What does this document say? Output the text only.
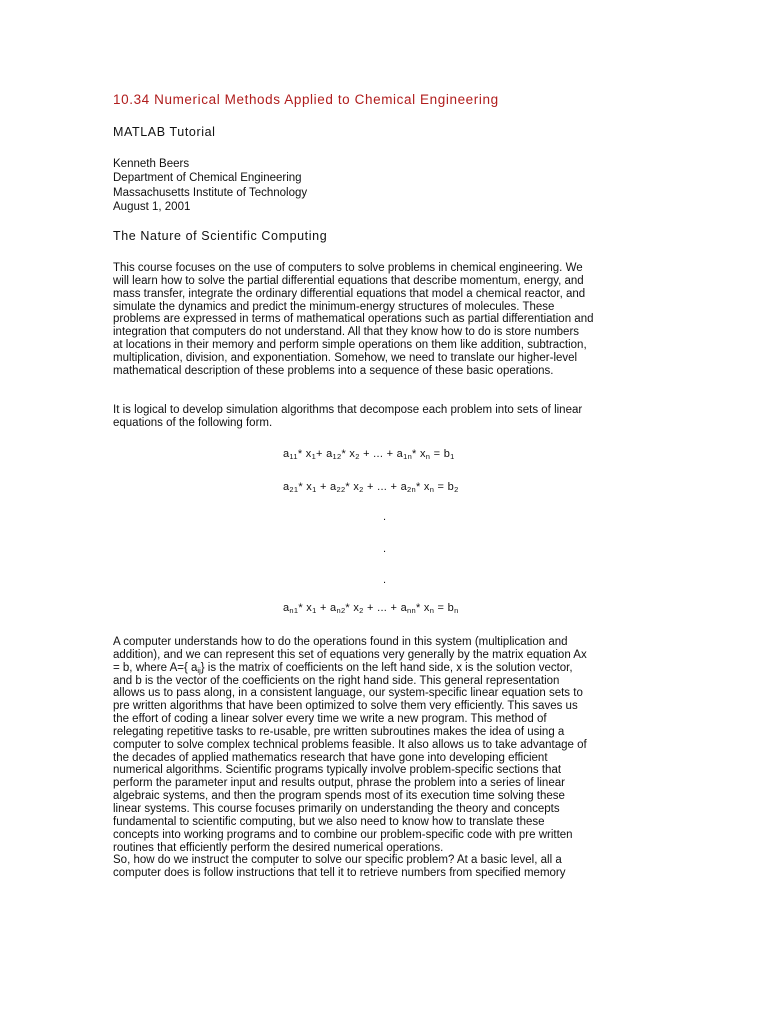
10.34 Numerical Methods Applied to Chemical Engineering
MATLAB Tutorial
Kenneth Beers
Department of Chemical Engineering
Massachusetts Institute of Technology
August 1, 2001
The Nature of Scientific Computing
This course focuses on the use of computers to solve problems in chemical engineering. We
will learn how to solve the partial differential equations that describe momentum, energy, and
mass transfer, integrate the ordinary differential equations that model a chemical reactor, and
simulate the dynamics and predict the minimum-energy structures of molecules. These
problems are expressed in terms of mathematical operations such as partial differentiation and
integration that computers do not understand. All that they know how to do is store numbers
at locations in their memory and perform simple operations on them like addition, subtraction,
multiplication, division, and exponentiation. Somehow, we need to translate our higher-level
mathematical description of these problems into a sequence of these basic operations.
It is logical to develop simulation algorithms that decompose each problem into sets of linear
equations of the following form.
$a_{11}*$ $x_1+ a_{12}*$ $x_2$ + ... + $a_{1n}*$ $x_n = b_1$
$a_{21}*$ $x_1 + a_{22}*$ $x_2$ + ... + $a_{2n}*$ $x_n = b_2$
.
.
.
$a_{n1}*$ $x_1 + a_{n2}*$ $x_2$ + ... + $a_{nn}*$ $x_n = b_n$
A computer understands how to do the operations found in this system (multiplication and
addition), and we can represent this set of equations very generally by the matrix equation Ax
= b, where A={ $a_{ij}$} is the matrix of coefficients on the left hand side, x is the solution vector,
and b is the vector of the coefficients on the right hand side. This general representation
allows us to pass along, in a consistent language, our system-specific linear equation sets to
pre written algorithms that have been optimized to solve them very efficiently. This saves us
the effort of coding a linear solver every time we write a new program. This method of
relegating repetitive tasks to re-usable, pre written subroutines makes the idea of using a
computer to solve complex technical problems feasible. It also allows us to take advantage of
the decades of applied mathematics research that have gone into developing efficient
numerical algorithms. Scientific programs typically involve problem-specific sections that
perform the parameter input and results output, phrase the problem into a series of linear
algebraic systems, and then the program spends most of its execution time solving these
linear systems. This course focuses primarily on understanding the theory and concepts
fundamental to scientific computing, but we also need to know how to translate these
concepts into working programs and to combine our problem-specific code with pre written
routines that efficiently perform the desired numerical operations.
So, how do we instruct the computer to solve our specific problem? At a basic level, all a
computer does is follow instructions that tell it to retrieve numbers from specified memory
